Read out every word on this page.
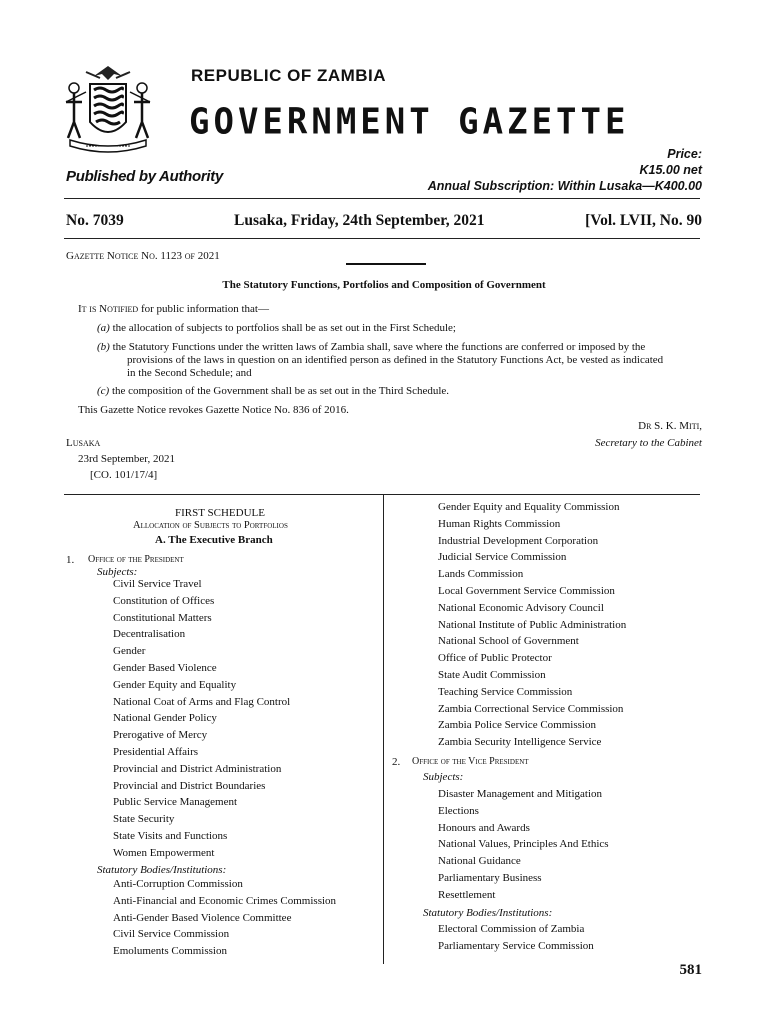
REPUBLIC OF ZAMBIA
GOVERNMENT GAZETTE
Price:
K15.00 net
Annual Subscription: Within Lusaka—K400.00
Published by Authority
No. 7039	Lusaka, Friday, 24th September, 2021	[Vol. LVII, No. 90
Gazette Notice No. 1123 of 2021
The Statutory Functions, Portfolios and Composition of Government
It is Notified for public information that—
(a) the allocation of subjects to portfolios shall be as set out in the First Schedule;
(b) the Statutory Functions under the written laws of Zambia shall, save where the functions are conferred or imposed by the
provisions of the laws in question on an identified person as defined in the Statutory Functions Act, be vested as indicated
in the Second Schedule; and
(c) the composition of the Government shall be as set out in the Third Schedule.
This Gazette Notice revokes Gazette Notice No. 836 of 2016.
Dr S. K. Miti,
Lusaka	Secretary to the Cabinet
23rd September, 2021
[CO. 101/17/4]
FIRST SCHEDULE
Allocation of Subjects to Portfolios
A. The Executive Branch
1. Office of the President
Subjects:
Civil Service Travel
Constitution of Offices
Constitutional Matters
Decentralisation
Gender
Gender Based Violence
Gender Equity and Equality
National Coat of Arms and Flag Control
National Gender Policy
Prerogative of Mercy
Presidential Affairs
Provincial and District Administration
Provincial and District Boundaries
Public Service Management
State Security
State Visits and Functions
Women Empowerment
Statutory Bodies/Institutions:
Anti-Corruption Commission
Anti-Financial and Economic Crimes Commission
Anti-Gender Based Violence Committee
Civil Service Commission
Emoluments Commission
Gender Equity and Equality Commission
Human Rights Commission
Industrial Development Corporation
Judicial Service Commission
Lands Commission
Local Government Service Commission
National Economic Advisory Council
National Institute of Public Administration
National School of Government
Office of Public Protector
State Audit Commission
Teaching Service Commission
Zambia Correctional Service Commission
Zambia Police Service Commission
Zambia Security Intelligence Service
2. Office of the Vice President
Subjects:
Disaster Management and Mitigation
Elections
Honours and Awards
National Values, Principles And Ethics
National Guidance
Parliamentary Business
Resettlement
Statutory Bodies/Institutions:
Electoral Commission of Zambia
Parliamentary Service Commission
581
